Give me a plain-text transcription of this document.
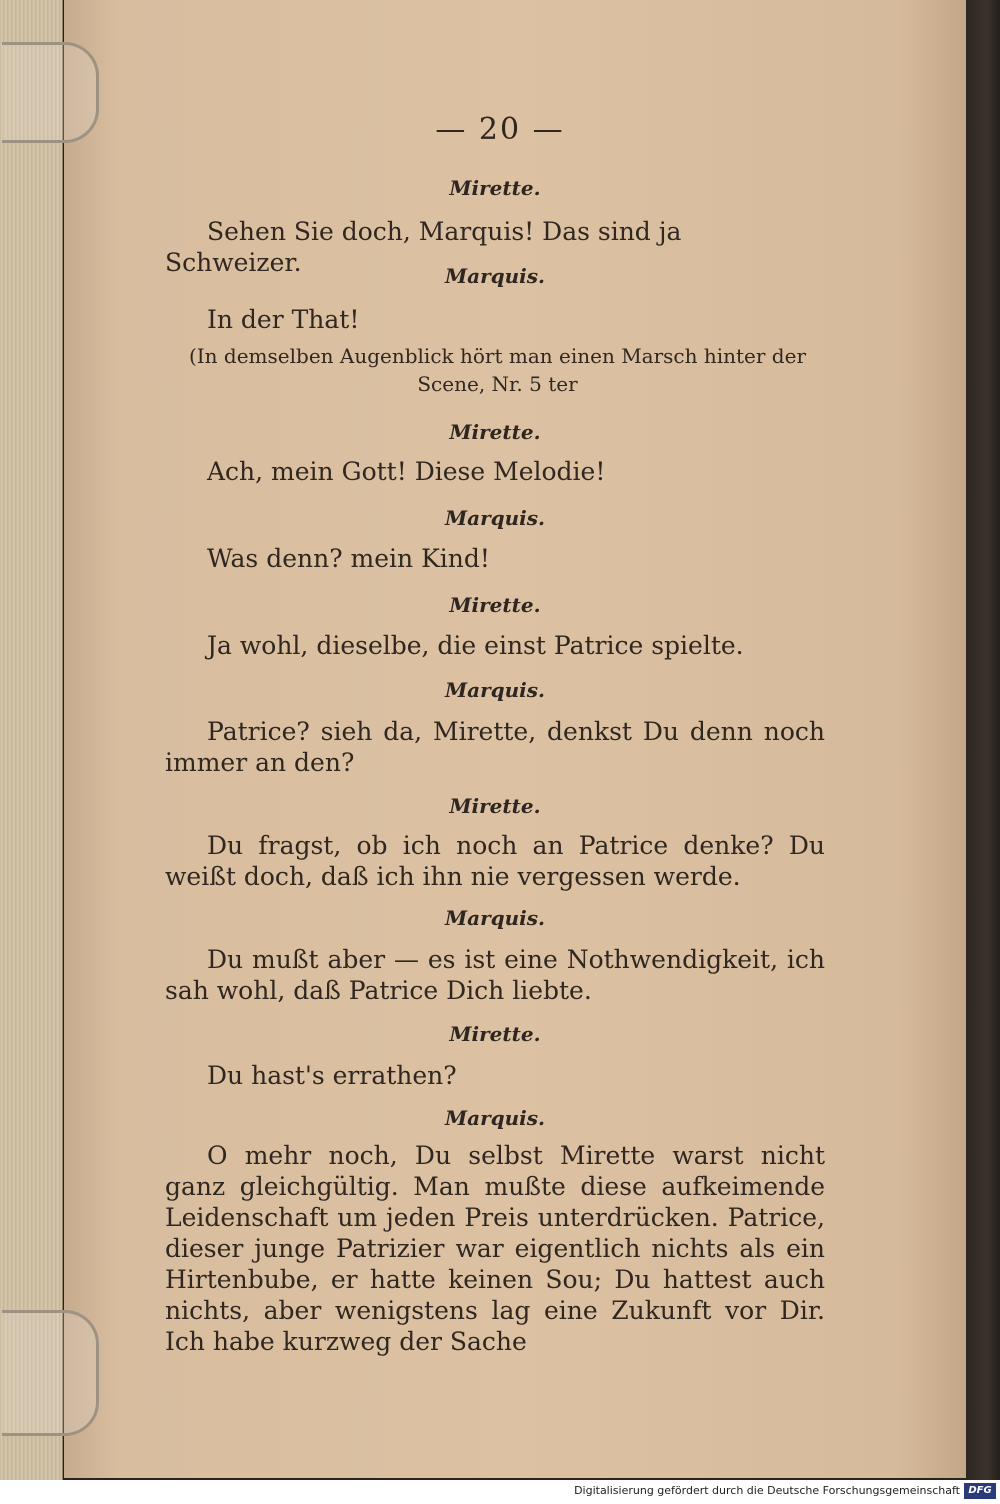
— 20 —
Mirette.
Sehen Sie doch, Marquis! Das sind ja Schweizer.	Marquis.
In der That!
(In demselben Augenblick hört man einen Marsch hinter der Scene, Nr. 5 ter
Mirette.
Ach, mein Gott! Diese Melodie!
Marquis.
Was denn? mein Kind!
Mirette.
Ja wohl, dieselbe, die einst Patrice spielte.
Marquis.
Patrice? sieh da, Mirette, denkst Du denn noch immer an den?
Mirette.
Du fragst, ob ich noch an Patrice denke? Du weißt doch, daß ich ihn nie vergessen werde.
Marquis.
Du mußt aber — es ist eine Nothwendigkeit, ich sah wohl, daß Patrice Dich liebte.
Mirette.
Du hast's errathen?
Marquis.
O mehr noch, Du selbst Mirette warst nicht ganz gleichgültig. Man mußte diese aufkeimende Leidenschaft um jeden Preis unterdrücken. Patrice, dieser junge Patrizier war eigentlich nichts als ein Hirtenbube, er hatte keinen Sou; Du hattest auch nichts, aber wenigstens lag eine Zukunft vor Dir. Ich habe kurzweg der Sache
Digitalisierung gefördert durch die Deutsche Forschungsgemeinschaft DFG
